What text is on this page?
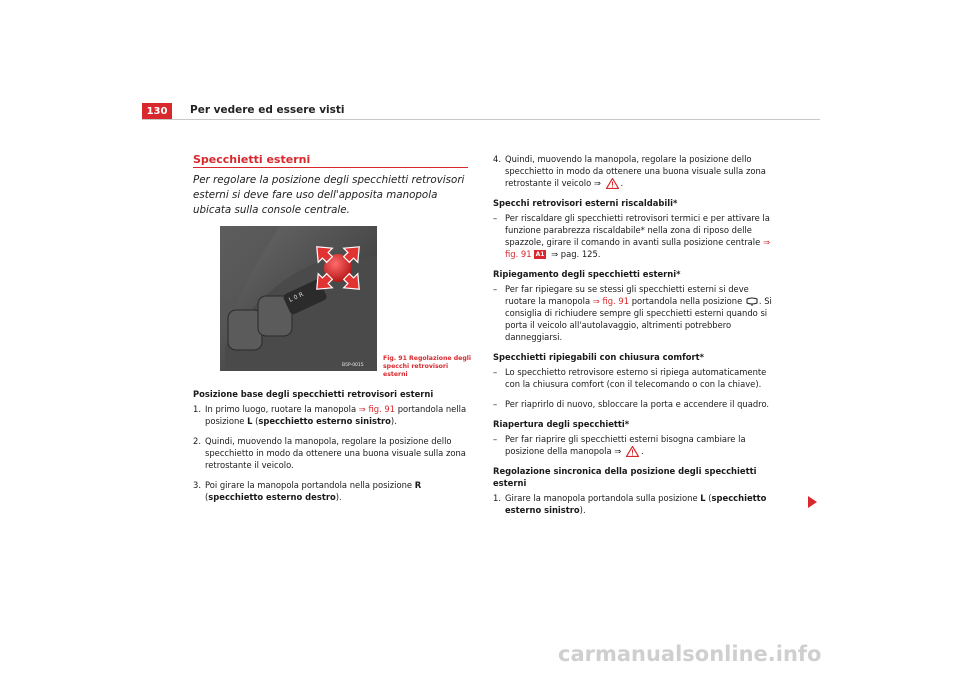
130	Per vedere ed essere visti
Specchietti esterni
Per regolare la posizione degli specchietti retrovisori esterni si deve fare uso dell'apposita manopola ubicata sulla console centrale.
L 0 R
B5P-0015
Fig. 91 Regolazione degli
specchi retrovisori esterni
Posizione base degli specchietti retrovisori esterni
1. In primo luogo, ruotare la manopola ⇒ fig. 91 portandola nella posizione L (specchietto esterno sinistro).
2. Quindi, muovendo la manopola, regolare la posizione dello specchietto in modo da ottenere una buona visuale sulla zona retrostante il veicolo.
3. Poi girare la manopola portandola nella posizione R (specchietto esterno destro).
4. Quindi, muovendo la manopola, regolare la posizione dello specchietto in modo da ottenere una buona visuale sulla zona retrostante il veicolo ⇒ .
Specchi retrovisori esterni riscaldabili*
– Per riscaldare gli specchietti retrovisori termici e per attivare la funzione parabrezza riscaldabile* nella zona di riposo delle spazzole, girare il comando in avanti sulla posizione centrale ⇒ fig. 91 A1 ⇒ pag. 125.
Ripiegamento degli specchietti esterni*
– Per far ripiegare su se stessi gli specchietti esterni si deve ruotare la manopola ⇒ fig. 91 portandola nella posizione . Si consiglia di richiudere sempre gli specchietti esterni quando si porta il veicolo all'autolavaggio, altrimenti potrebbero danneggiarsi.
Specchietti ripiegabili con chiusura comfort*
– Lo specchietto retrovisore esterno si ripiega automaticamente con la chiusura comfort (con il telecomando o con la chiave).
– Per riaprirlo di nuovo, sbloccare la porta e accendere il quadro.
Riapertura degli specchietti*
– Per far riaprire gli specchietti esterni bisogna cambiare la posizione della manopola ⇒ .
Regolazione sincronica della posizione degli specchietti esterni
1. Girare la manopola portandola sulla posizione L (specchietto esterno sinistro).
carmanualsonline.info
